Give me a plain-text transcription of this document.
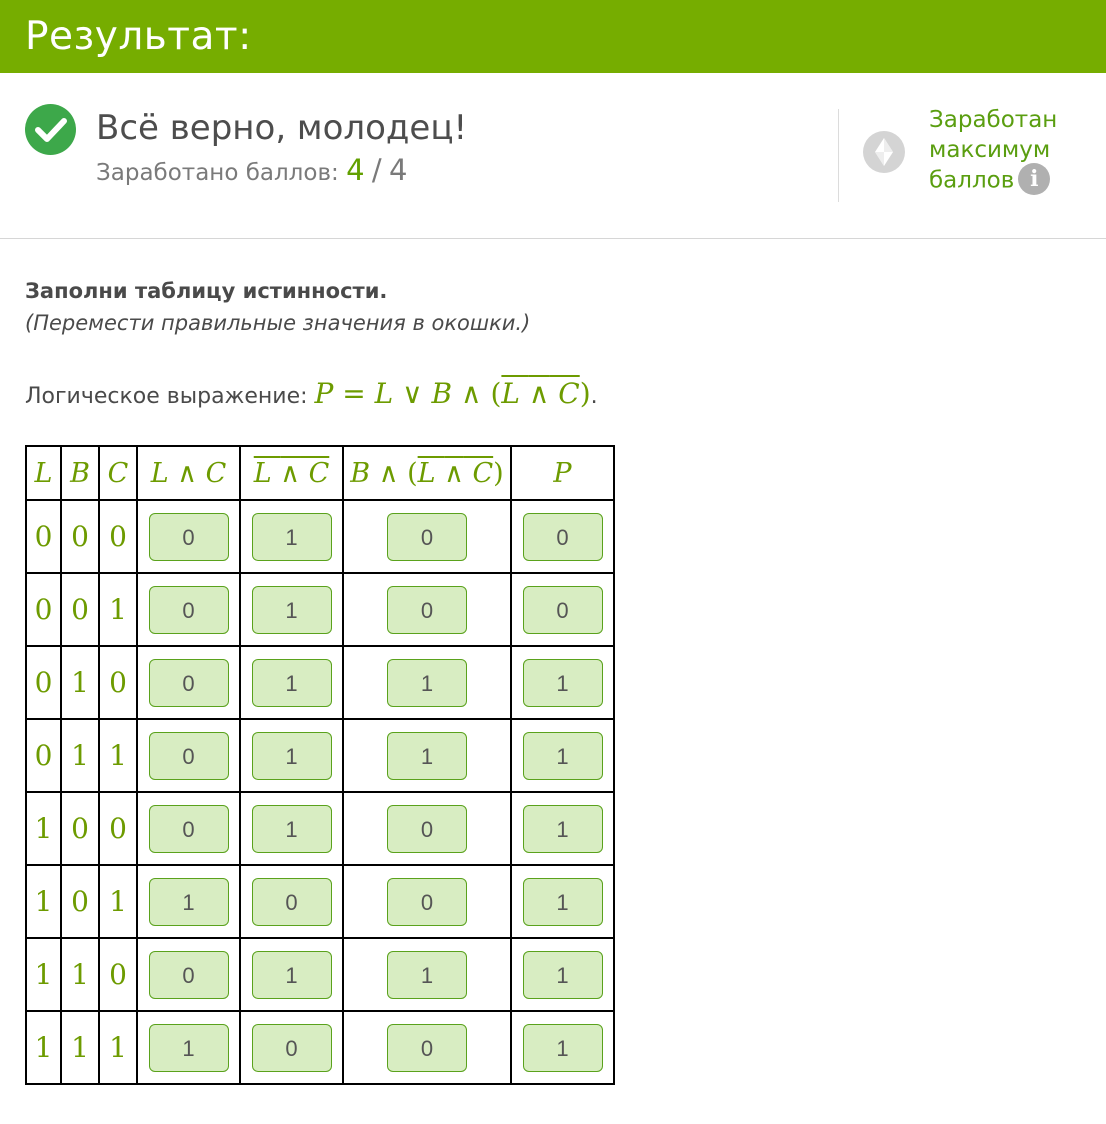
Результат:
Всё верно, молодец!
Заработано баллов: 4 / 4
Заработан
максимум
баллов i
Заполни таблицу истинности.
(Перемести правильные значения в окошки.)
Логическое выражение: P = L ∨ B ∧ (L ∧ C).
L	B	C	L ∧ C	L ∧ C	B ∧ (L ∧ C)	P
0	0	0	0	1	0	0
0	0	1	0	1	0	0
0	1	0	0	1	1	1
0	1	1	0	1	1	1
1	0	0	0	1	0	1
1	0	1	1	0	0	1
1	1	0	0	1	1	1
1	1	1	1	0	0	1
